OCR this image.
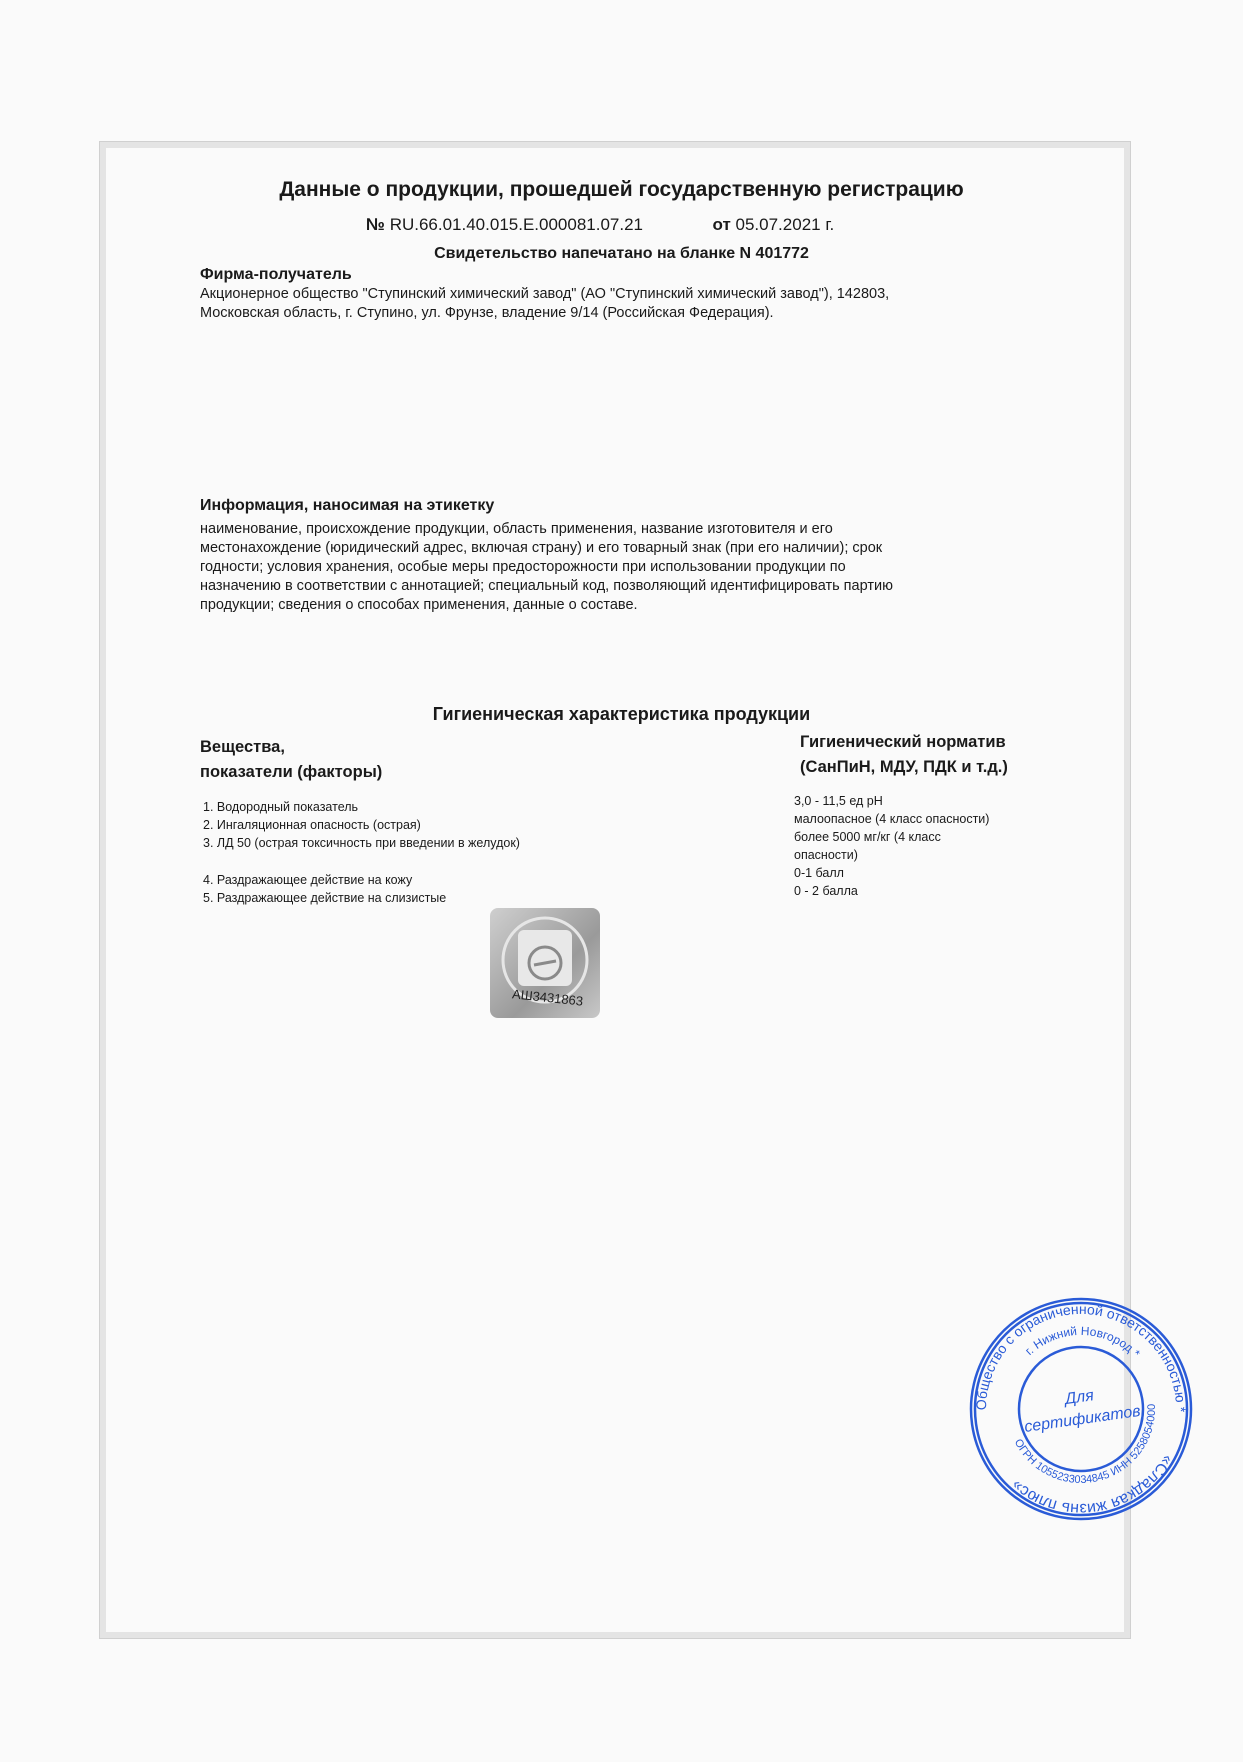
Данные о продукции, прошедшей государственную регистрацию
№ RU.66.01.40.015.E.000081.07.21	от 05.07.2021 г.
Свидетельство напечатано на бланке N 401772
Фирма-получатель
Акционерное общество "Ступинский химический завод" (АО "Ступинский химический завод"), 142803,
Московская область, г. Ступино, ул. Фрунзе, владение 9/14 (Российская Федерация).
Информация, наносимая на этикетку
наименование, происхождение продукции, область применения, название изготовителя и его
местонахождение (юридический адрес, включая страну) и его товарный знак (при его наличии); срок
годности; условия хранения, особые меры предосторожности при использовании продукции по
назначению в соответствии с аннотацией; специальный код, позволяющий идентифицировать партию
продукции; сведения о способах применения, данные о составе.
Гигиеническая характеристика продукции
Вещества,
показатели (факторы)
Гигиенический норматив
(СанПиН, МДУ, ПДК и т.д.)
1. Водородный показатель
2. Ингаляционная опасность (острая)
3. ЛД 50 (острая токсичность при введении в желудок)
4. Раздражающее действие на кожу
5. Раздражающее действие на слизистые
3,0 - 11,5 ед pH
малоопасное (4 класс опасности)
более 5000 мг/кг (4 класс
опасности)
0-1 балл
0 - 2 балла
АШ3431863
Общество с ограниченной ответственностью *
«Сладкая жизнь плюс»
г. Нижний Новгород *
ОГРН 1055233034845 ИНН 5258054000
Для
сертификатов
